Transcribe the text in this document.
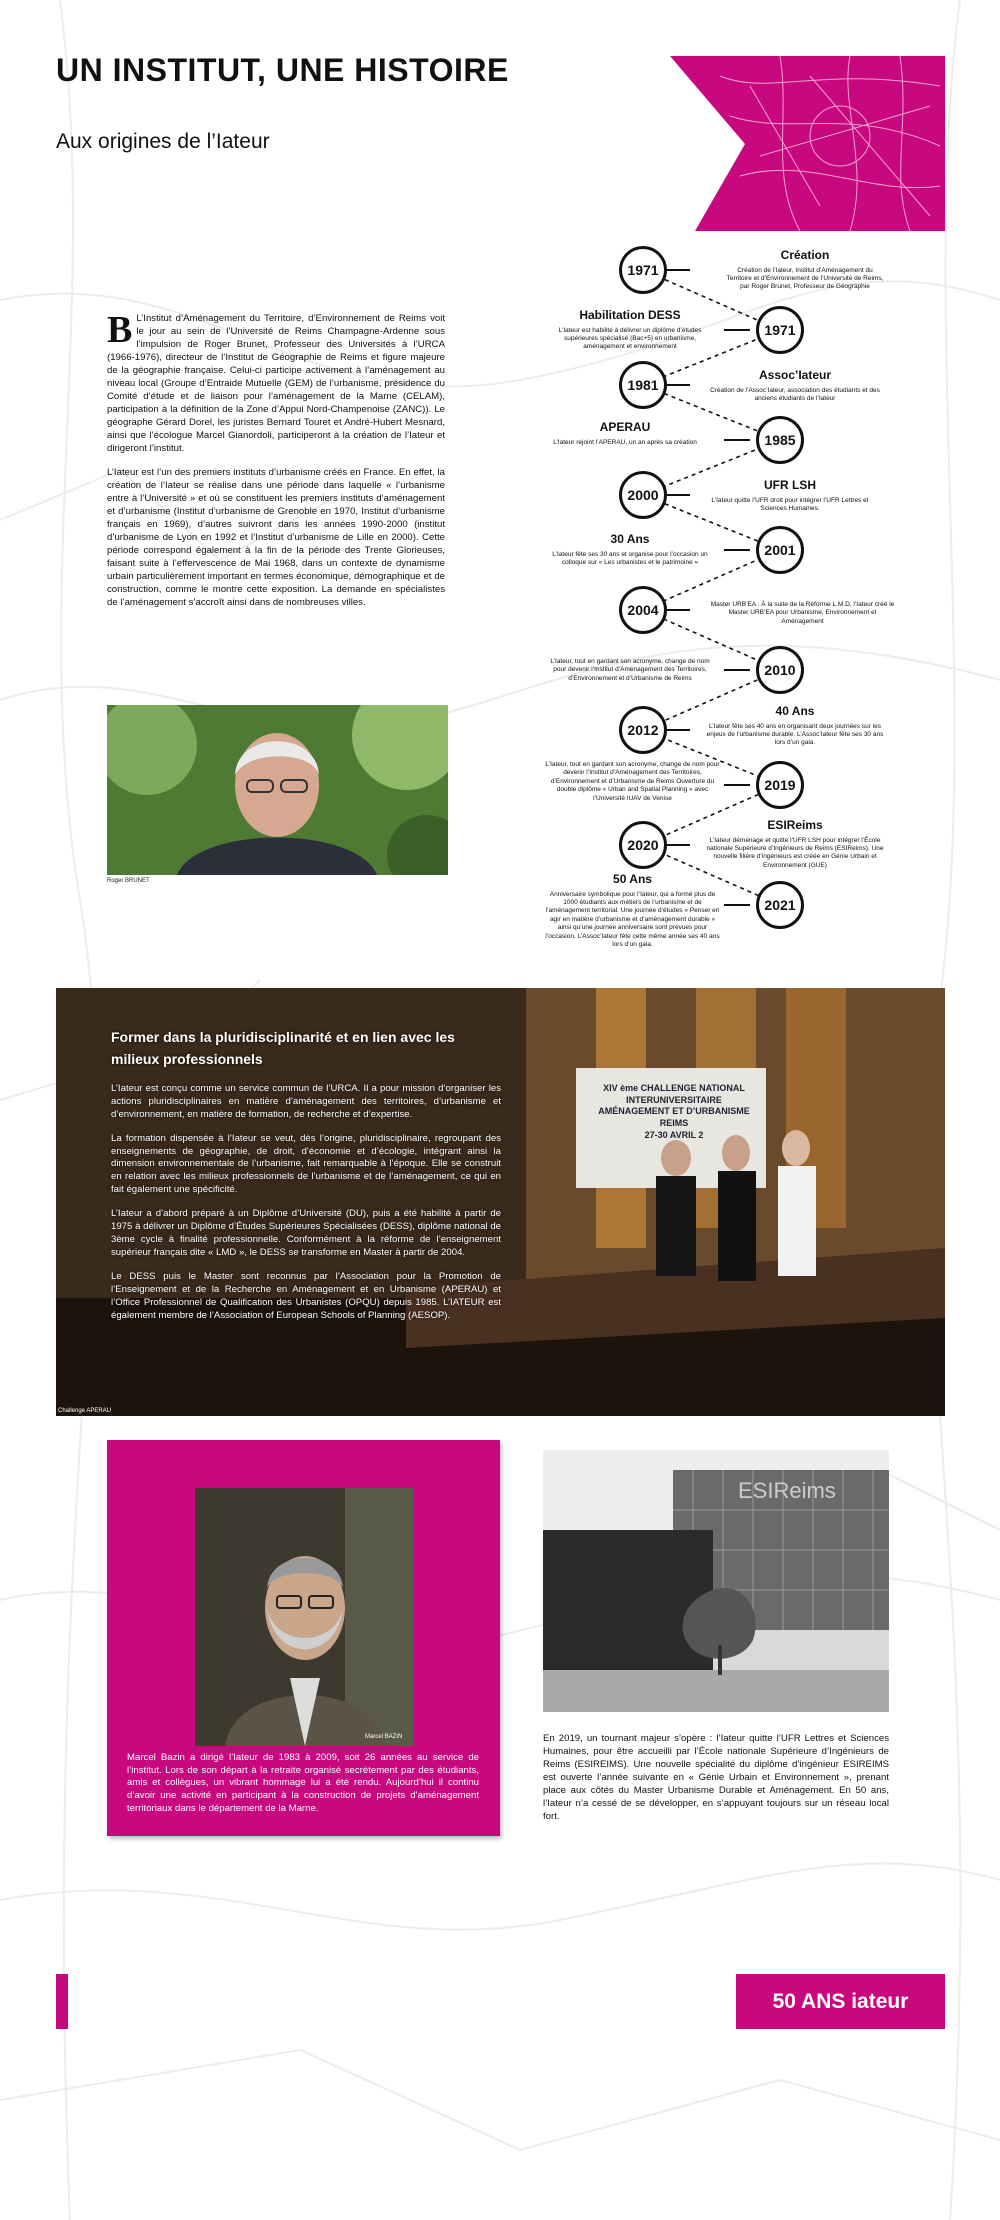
UN INSTITUT, UNE HISTOIRE
Aux origines de l’Iateur

B L’Institut d’Aménagement du Territoire, d’Environnement de Reims voit le jour au sein de l’Université de Reims Champagne-Ardenne sous l’impulsion de Roger Brunet, Professeur des Universités à l’URCA (1966-1976), directeur de l’Institut de Géographie de Reims et figure majeure de la géographie française. Celui-ci participe activement à l’aménagement au niveau local (Groupe d’Entraide Mutuelle (GEM) de l’urbanisme, présidence du Comité d’étude et de liaison pour l’aménagement de la Marne (CELAM), participation à la définition de la Zone d’Appui Nord-Champenoise (ZANC)). Le géographe Gérard Dorel, les juristes Bernard Touret et André-Hubert Mesnard, ainsi que l’écologue Marcel Gianordoli, participeront à la création de l’Iateur et dirigeront l’institut.

L’Iateur est l’un des premiers instituts d’urbanisme créés en France. En effet, la création de l’Iateur se réalise dans une période dans laquelle « l’urbanisme entre à l’Université » et où se constituent les premiers instituts d’aménagement et d’urbanisme (Institut d’urbanisme de Grenoble en 1970, Institut d’urbanisme français en 1969), d’autres suivront dans les années 1990-2000 (institut d’urbanisme de Lyon en 1992 et l’Institut d’urbanisme de Lille en 2000). Cette période correspond également à la fin de la période des Trente Glorieuses, faisant suite à l’effervescence de Mai 1968, dans un contexte de dynamisme urbain particulièrement important en termes économique, démographique et de construction, comme le montre cette exposition. La demande en spécialistes de l’aménagement s’accroît ainsi dans de nombreuses villes.

Roger BRUNET
1971
Création
Création de l’Iateur, Institut d’Aménagement du Territoire et d’Environnement de l’Université de Reims, par Roger Brunet, Professeur de Géographie
1971
Habilitation DESS
L’Iateur est habilité à délivrer un diplôme d’études supérieures spécialisé (Bac+5) en urbanisme, aménagement et environnement
1981
Assoc’Iateur
Création de l’Assoc’Iateur, association des étudiants et des anciens étudiants de l’Iateur
1985
APERAU
L’Iateur rejoint l’APERAU, un an après sa création
2000
UFR LSH
L’Iateur quitte l’UFR droit pour intégrer l’UFR Lettres et Sciences Humaines.
2001
30 Ans
L’Iateur fête ses 30 ans et organise pour l’occasion un colloque sur « Les urbanistes et le patrimoine »
2004	Master URB’EA : À la suite de la Réforme L.M.D, l’Iateur créé le Master URB’EA pour Urbanisme, Environnement et Aménagement
2010
L’Iateur, tout en gardant son acronyme, change de nom pour devenir l’Institut d’Aménagement des Territoires, d’Environnement et d’Urbanisme de Reims
2012
40 Ans
L’Iateur fête ses 40 ans en organisant deux journées sur les enjeux de l’urbanisme durable. L’Assoc’Iateur fête ses 30 ans lors d’un gala.
2019
L’Iateur, tout en gardant son acronyme, change de nom pour devenir l’Institut d’Aménagement des Territoires, d’Environnement et d’Urbanisme de Reims Ouverture du double diplôme « Urban and Spatial Planning » avec l’Université IUAV de Venise
2020
ESIReims
L’Iateur déménage et quitte l’UFR LSH pour intégrer l’École nationale Supérieure d’Ingénieurs de Reims (ESIReims). Une nouvelle filière d’ingénieurs est créée en Génie Urbain et Environnement (GUE)
2021
50 Ans
Anniversaire symbolique pour l’Iateur, qui a formé plus de 1000 étudiants aux métiers de l’urbanisme et de l’aménagement territorial. Une journée d’études « Penser en agir en matière d’urbanisme et d’aménagement durable » ainsi qu’une journée anniversaire sont prévues pour l’occasion. L’Assoc’Iateur fête cette même année ses 40 ans lors d’un gala.
XIV ème CHALLENGE NATIONAL
INTERUNIVERSITAIRE
AMÉNAGEMENT ET D’URBANISME
REIMS
27-30 AVRIL 2
Former dans la pluridisciplinarité et en lien avec les milieux professionnels

L’Iateur est conçu comme un service commun de l’URCA. Il a pour mission d’organiser les actions pluridisciplinaires en matière d’aménagement des territoires, d’urbanisme et d’environnement, en matière de formation, de recherche et d’expertise.

La formation dispensée à l’Iateur se veut, dès l’origine, pluridisciplinaire, regroupant des enseignements de géographie, de droit, d’économie et d’écologie, intégrant ainsi la dimension environnementale de l’urbanisme, fait remarquable à l’époque. Elle se construit en relation avec les milieux professionnels de l’urbanisme et de l’aménagement, ce qui en fait également une spécificité.

L’Iateur a d’abord préparé à un Diplôme d’Université (DU), puis a été habilité à partir de 1975 à délivrer un Diplôme d’Études Supérieures Spécialisées (DESS), diplôme national de 3ème cycle à finalité professionnelle. Conformément à la réforme de l’enseignement supérieur français dite « LMD », le DESS se transforme en Master à partir de 2004.

Le DESS puis le Master sont reconnus par l’Association pour la Promotion de l’Enseignement et de la Recherche en Aménagement et en Urbanisme (APERAU) et l’Office Professionnel de Qualification des Urbanistes (OPQU) depuis 1985. L’IATEUR est également membre de l’Association of European Schools of Planning (AESOP).

Challenge APERAU
Marcel BAZIN
Marcel Bazin a dirigé l’Iateur de 1983 à 2009, soit 26 années au service de l’institut. Lors de son départ à la retraite organisé secrètement par des étudiants, amis et collègues, un vibrant hommage lui a été rendu. Aujourd’hui il continu d’avoir une activité en participant à la construction de projets d’aménagement territoriaux dans le département de la Marne.
ESIReims
En 2019, un tournant majeur s’opère : l’Iateur quitte l’UFR Lettres et Sciences Humaines, pour être accueilli par l’École nationale Supérieure d’Ingénieurs de Reims (ESIREIMS). Une nouvelle spécialité du diplôme d’ingénieur ESIREIMS est ouverte l’année suivante en « Génie Urbain et Environnement », prenant place aux côtés du Master Urbanisme Durable et Aménagement. En 50 ans, l’Iateur n’a cessé de se développer, en s’appuyant toujours sur un réseau local fort.
50 ANS iateur
